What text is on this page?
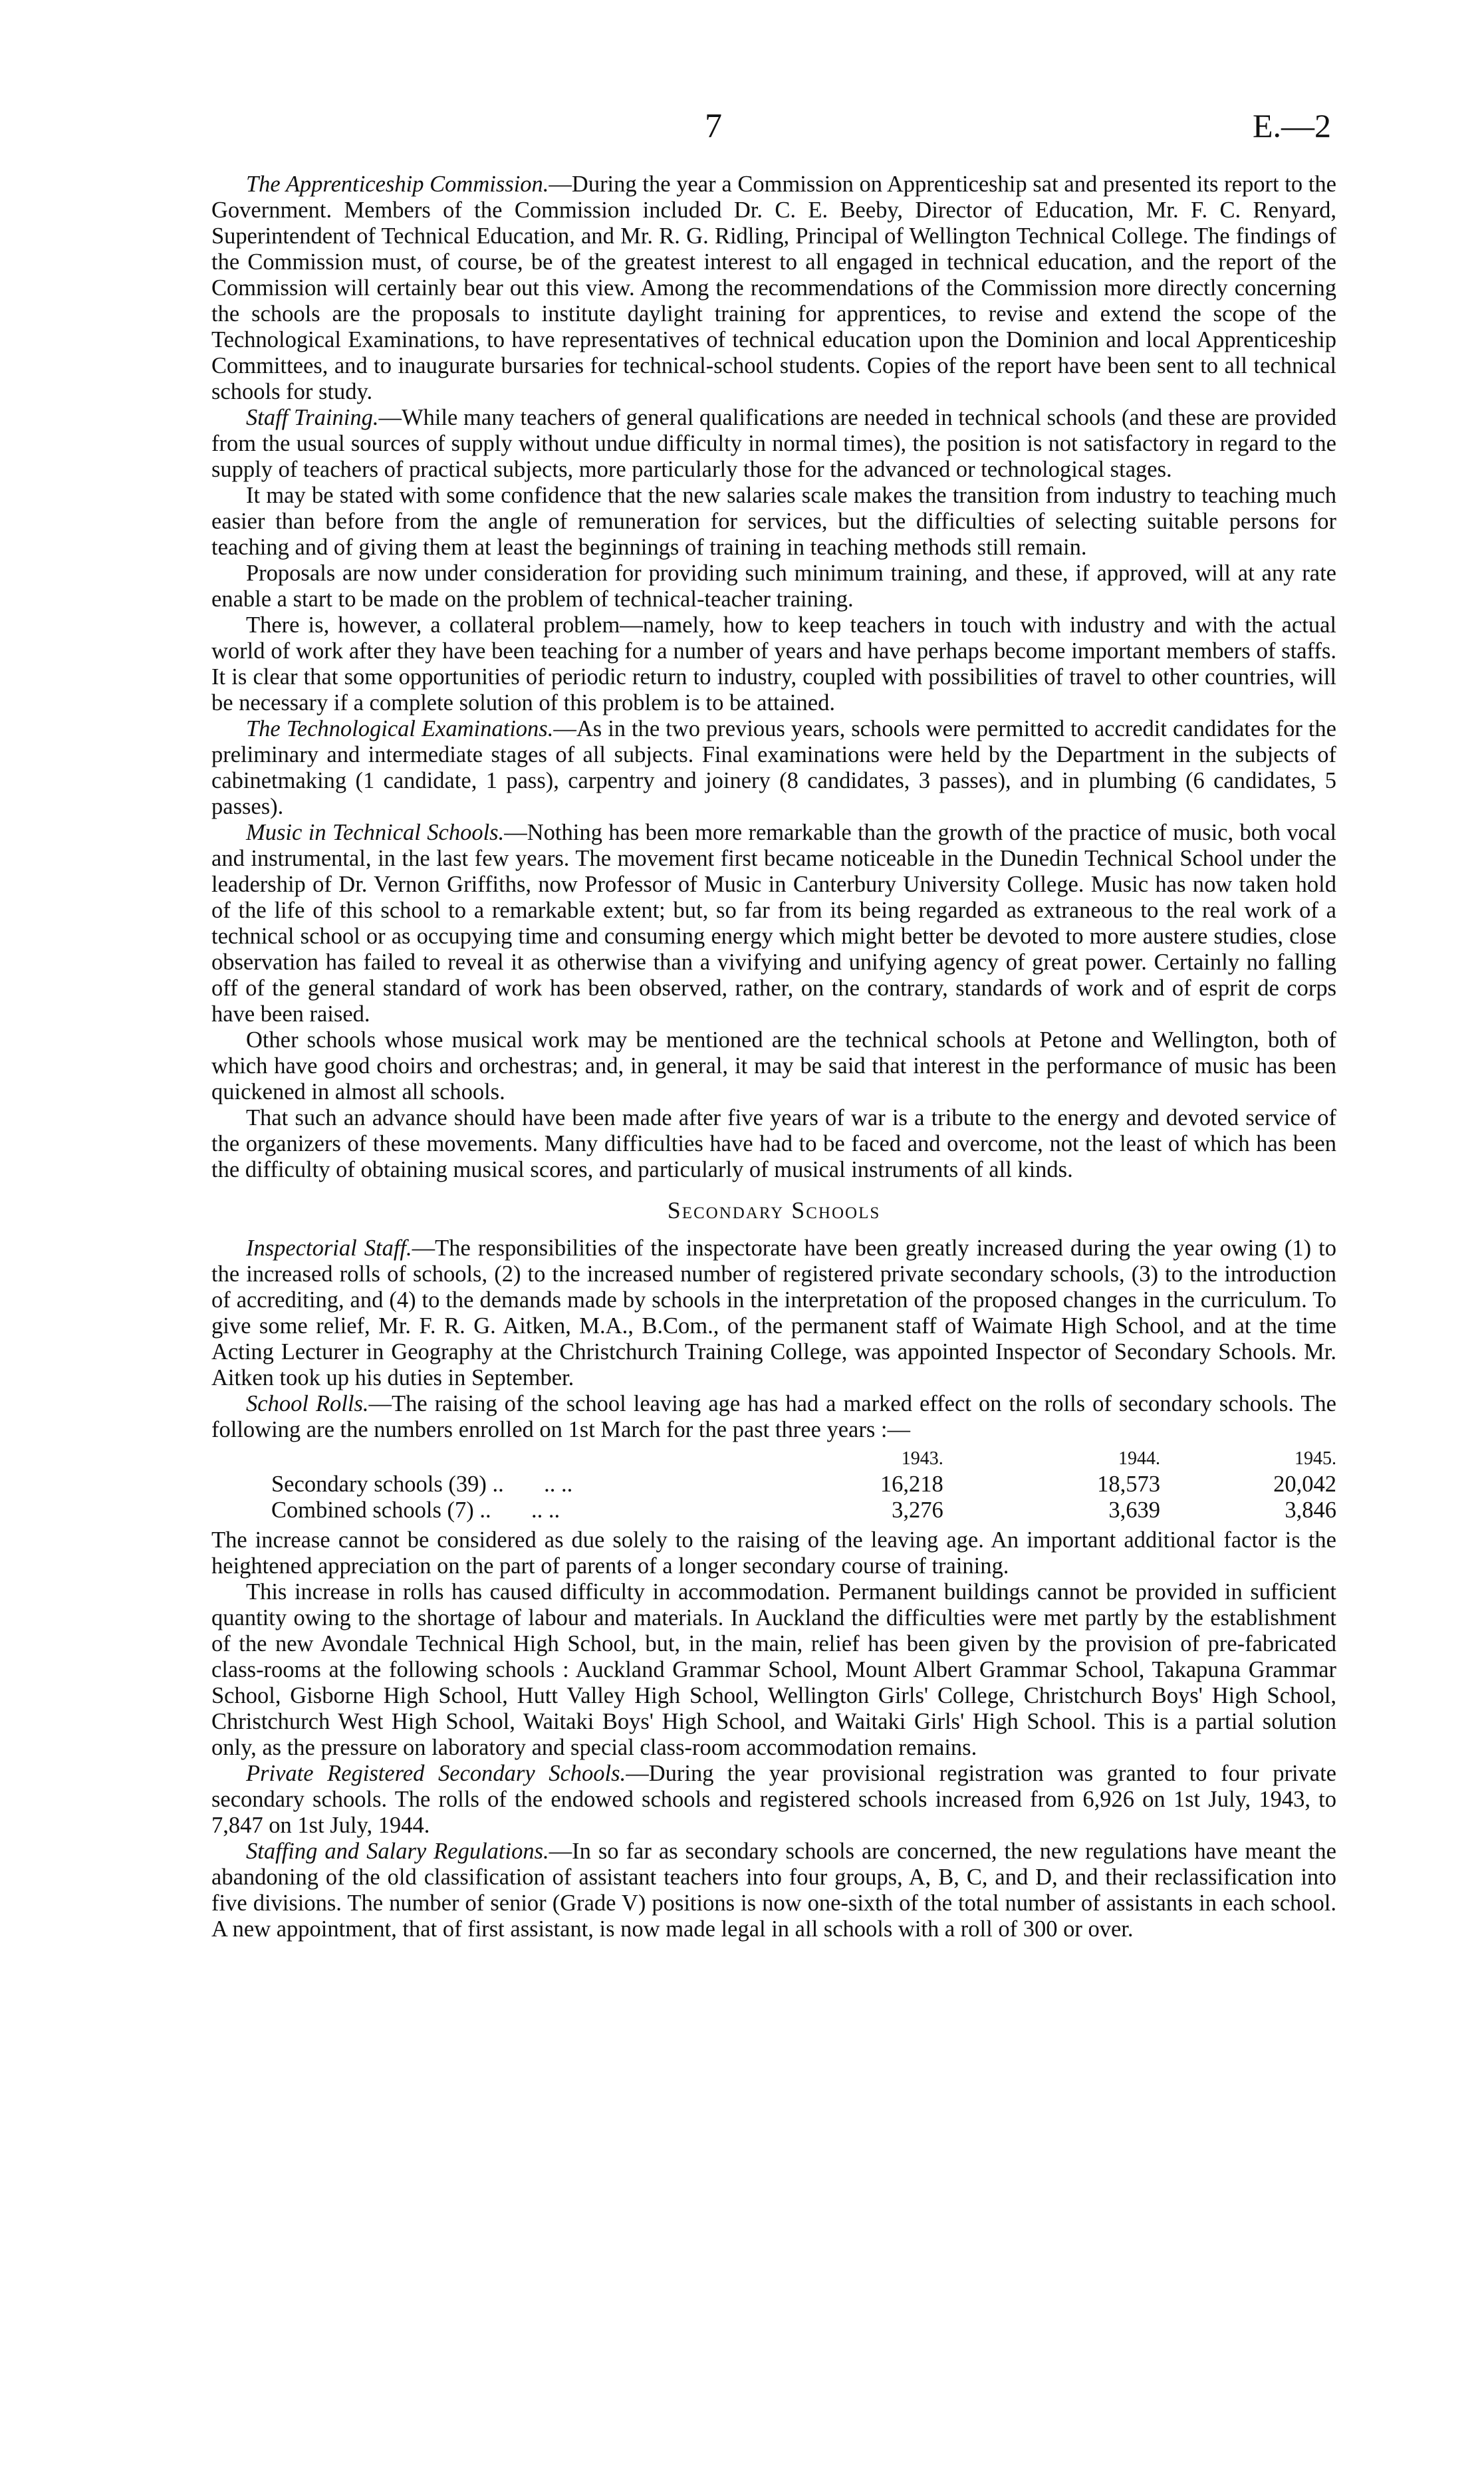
7	E.—2

The Apprenticeship Commission.—During the year a Commission on Apprenticeship sat and presented its report to the Government. Members of the Commission included Dr. C. E. Beeby, Director of Education, Mr. F. C. Renyard, Superintendent of Technical Education, and Mr. R. G. Ridling, Principal of Wellington Technical College. The findings of the Commission must, of course, be of the greatest interest to all engaged in technical education, and the report of the Commission will certainly bear out this view. Among the recommendations of the Commission more directly concerning the schools are the proposals to institute daylight training for apprentices, to revise and extend the scope of the Technological Examinations, to have representatives of technical education upon the Dominion and local Apprenticeship Committees, and to inaugurate bursaries for technical-school students. Copies of the report have been sent to all technical schools for study.

Staff Training.—While many teachers of general qualifications are needed in technical schools (and these are provided from the usual sources of supply without undue difficulty in normal times), the position is not satisfactory in regard to the supply of teachers of practical subjects, more particularly those for the advanced or technological stages.

It may be stated with some confidence that the new salaries scale makes the transition from industry to teaching much easier than before from the angle of remuneration for services, but the difficulties of selecting suitable persons for teaching and of giving them at least the beginnings of training in teaching methods still remain.

Proposals are now under consideration for providing such minimum training, and these, if approved, will at any rate enable a start to be made on the problem of technical-teacher training.

There is, however, a collateral problem—namely, how to keep teachers in touch with industry and with the actual world of work after they have been teaching for a number of years and have perhaps become important members of staffs. It is clear that some opportunities of periodic return to industry, coupled with possibilities of travel to other countries, will be necessary if a complete solution of this problem is to be attained.

The Technological Examinations.—As in the two previous years, schools were permitted to accredit candidates for the preliminary and intermediate stages of all subjects. Final examinations were held by the Department in the subjects of cabinetmaking (1 candidate, 1 pass), carpentry and joinery (8 candidates, 3 passes), and in plumbing (6 candidates, 5 passes).

Music in Technical Schools.—Nothing has been more remarkable than the growth of the practice of music, both vocal and instrumental, in the last few years. The movement first became noticeable in the Dunedin Technical School under the leadership of Dr. Vernon Griffiths, now Professor of Music in Canterbury University College. Music has now taken hold of the life of this school to a remarkable extent; but, so far from its being regarded as extraneous to the real work of a technical school or as occupying time and consuming energy which might better be devoted to more austere studies, close observation has failed to reveal it as otherwise than a vivifying and unifying agency of great power. Certainly no falling off of the general standard of work has been observed, rather, on the contrary, standards of work and of esprit de corps have been raised.

Other schools whose musical work may be mentioned are the technical schools at Petone and Wellington, both of which have good choirs and orchestras; and, in general, it may be said that interest in the performance of music has been quickened in almost all schools.

That such an advance should have been made after five years of war is a tribute to the energy and devoted service of the organizers of these movements. Many difficulties have had to be faced and overcome, not the least of which has been the difficulty of obtaining musical scores, and particularly of musical instruments of all kinds.

Secondary Schools

Inspectorial Staff.—The responsibilities of the inspectorate have been greatly increased during the year owing (1) to the increased rolls of schools, (2) to the increased number of registered private secondary schools, (3) to the introduction of accrediting, and (4) to the demands made by schools in the interpretation of the proposed changes in the curriculum. To give some relief, Mr. F. R. G. Aitken, M.A., B.Com., of the permanent staff of Waimate High School, and at the time Acting Lecturer in Geography at the Christchurch Training College, was appointed Inspector of Secondary Schools. Mr. Aitken took up his duties in September.

School Rolls.—The raising of the school leaving age has had a marked effect on the rolls of secondary schools. The following are the numbers enrolled on 1st March for the past three years :—

	1943.	1944.	1945.
Secondary schools (39) .. .. ..	16,218	18,573	20,042
Combined schools (7) .. .. ..	3,276	3,639	3,846

The increase cannot be considered as due solely to the raising of the leaving age. An important additional factor is the heightened appreciation on the part of parents of a longer secondary course of training.

This increase in rolls has caused difficulty in accommodation. Permanent buildings cannot be provided in sufficient quantity owing to the shortage of labour and materials. In Auckland the difficulties were met partly by the establishment of the new Avondale Technical High School, but, in the main, relief has been given by the provision of pre-fabricated class-rooms at the following schools : Auckland Grammar School, Mount Albert Grammar School, Takapuna Grammar School, Gisborne High School, Hutt Valley High School, Wellington Girls' College, Christchurch Boys' High School, Christchurch West High School, Waitaki Boys' High School, and Waitaki Girls' High School. This is a partial solution only, as the pressure on laboratory and special class-room accommodation remains.

Private Registered Secondary Schools.—During the year provisional registration was granted to four private secondary schools. The rolls of the endowed schools and registered schools increased from 6,926 on 1st July, 1943, to 7,847 on 1st July, 1944.

Staffing and Salary Regulations.—In so far as secondary schools are concerned, the new regulations have meant the abandoning of the old classification of assistant teachers into four groups, A, B, C, and D, and their reclassification into five divisions. The number of senior (Grade V) positions is now one-sixth of the total number of assistants in each school. A new appointment, that of first assistant, is now made legal in all schools with a roll of 300 or over.
